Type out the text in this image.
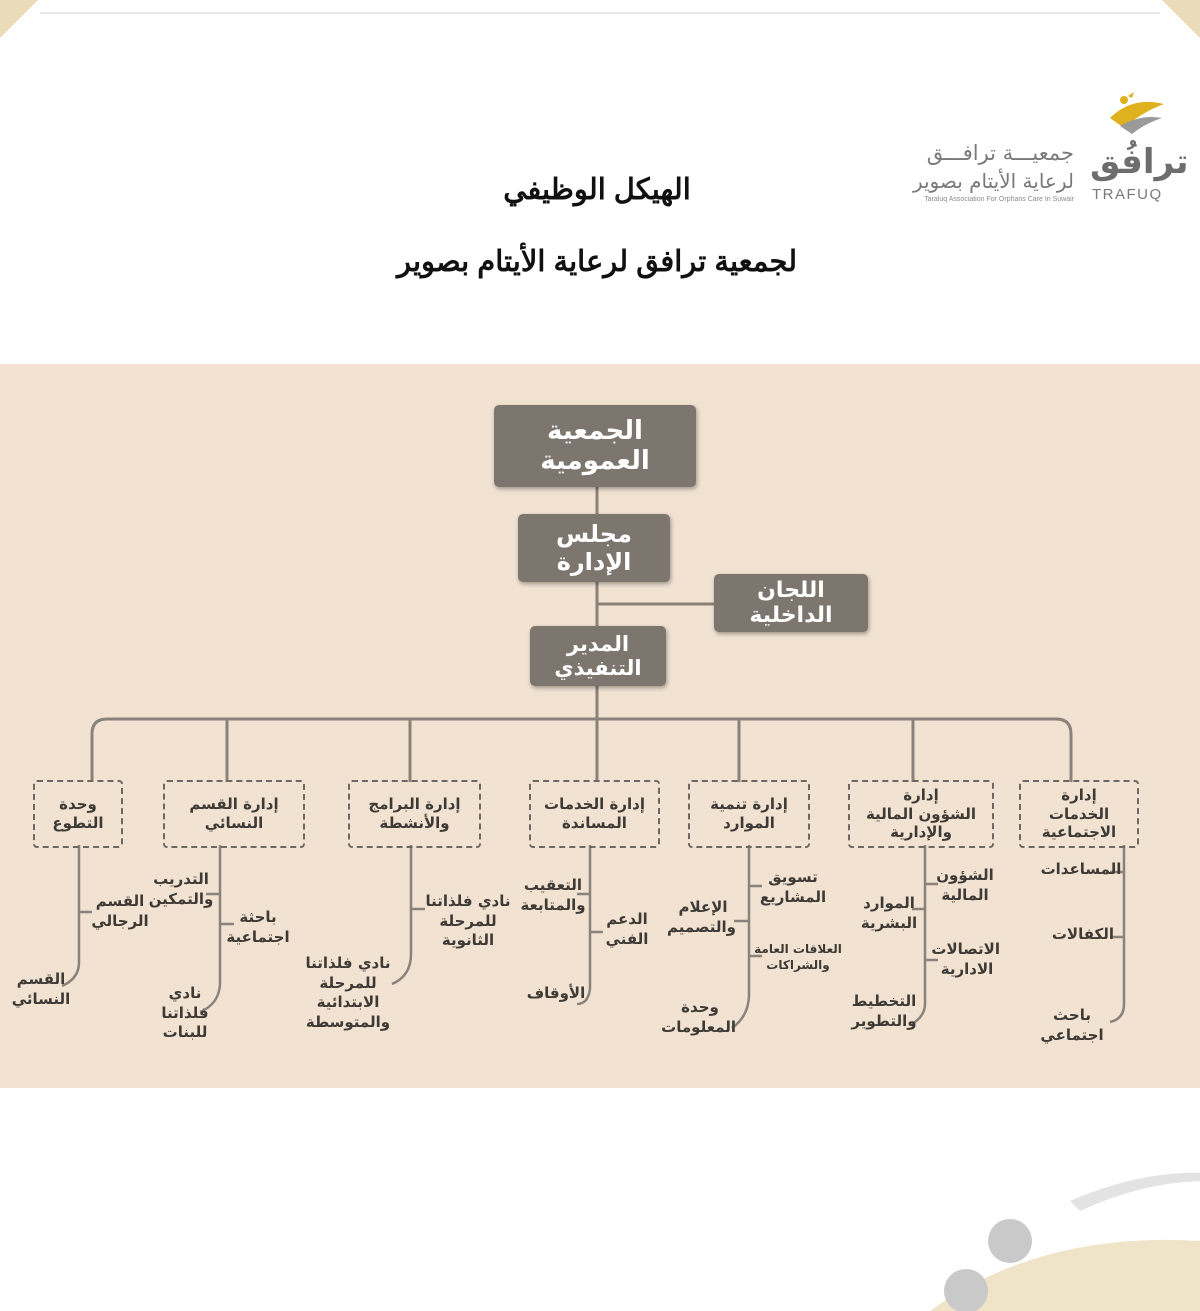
ترافُق
TRAFUQ
جمعيـــة ترافـــق
لرعاية الأيتام بصوير
Taraluq Association For Orphans Care In Suwair
الهيكل الوظيفي
لجمعية ترافق لرعاية الأيتام بصوير
الجمعية العمومية
مجلس الإدارة
اللجان الداخلية
المدير التنفيذي
إدارة
الخدمات الاجتماعية
إدارة
الشؤون المالية والإدارية
إدارة تنمية الموارد
إدارة الخدمات المساندة
إدارة البرامج والأنشطة
إدارة القسم النسائي
وحدة التطوع
المساعدات
الكفالات
باحث اجتماعي
الشؤون
المالية
الموارد
البشرية
الاتصالات
الادارية
التخطيط
والتطوير
تسويق
المشاريع
الإعلام
والتصميم
العلاقات العامة
والشراكات
وحدة
المعلومات
التعقيب
والمتابعة
الدعم
الفني
الأوقاف
نادي فلذاتنا
للمرحلة الثانوية
نادي فلذاتنا
للمرحلة الابتدائية
والمتوسطة
التدريب
والتمكين
باحثة
اجتماعية
نادي
فلذاتنا للبنات
القسم
الرجالي
القسم
النسائي
